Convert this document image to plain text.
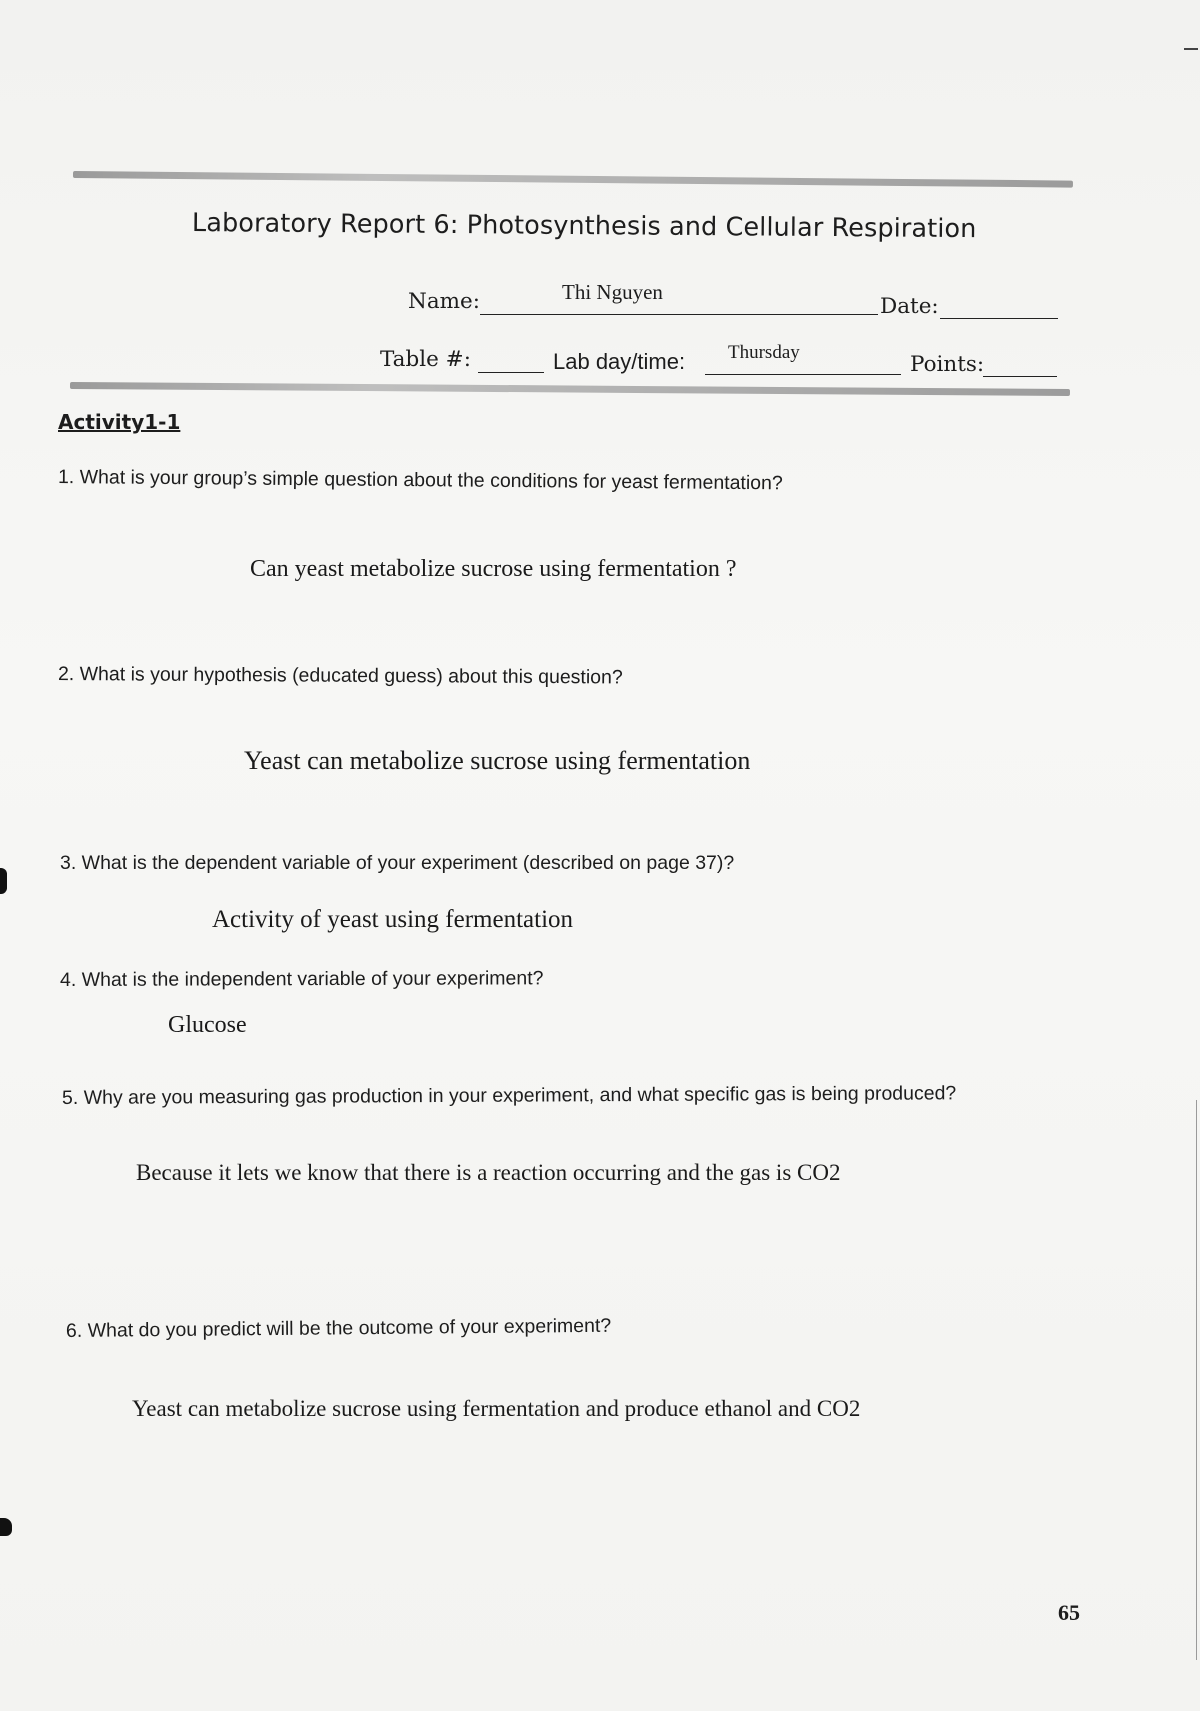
Laboratory Report 6: Photosynthesis and Cellular Respiration
Name:	Thi Nguyen
Date:
Table #:	Lab day/time: Thursday	Points:
Activity1-1
1. What is your group’s simple question about the conditions for yeast fermentation?
Can yeast metabolize sucrose using fermentation ?
2. What is your hypothesis (educated guess) about this question?
Yeast can metabolize sucrose using fermentation
3. What is the dependent variable of your experiment (described on page 37)?
Activity of yeast using fermentation
4. What is the independent variable of your experiment?
Glucose
5. Why are you measuring gas production in your experiment, and what specific gas is being produced?
Because it lets we know that there is a reaction occurring and the gas is CO2
6. What do you predict will be the outcome of your experiment?
Yeast can metabolize sucrose using fermentation and produce ethanol and CO2
65
